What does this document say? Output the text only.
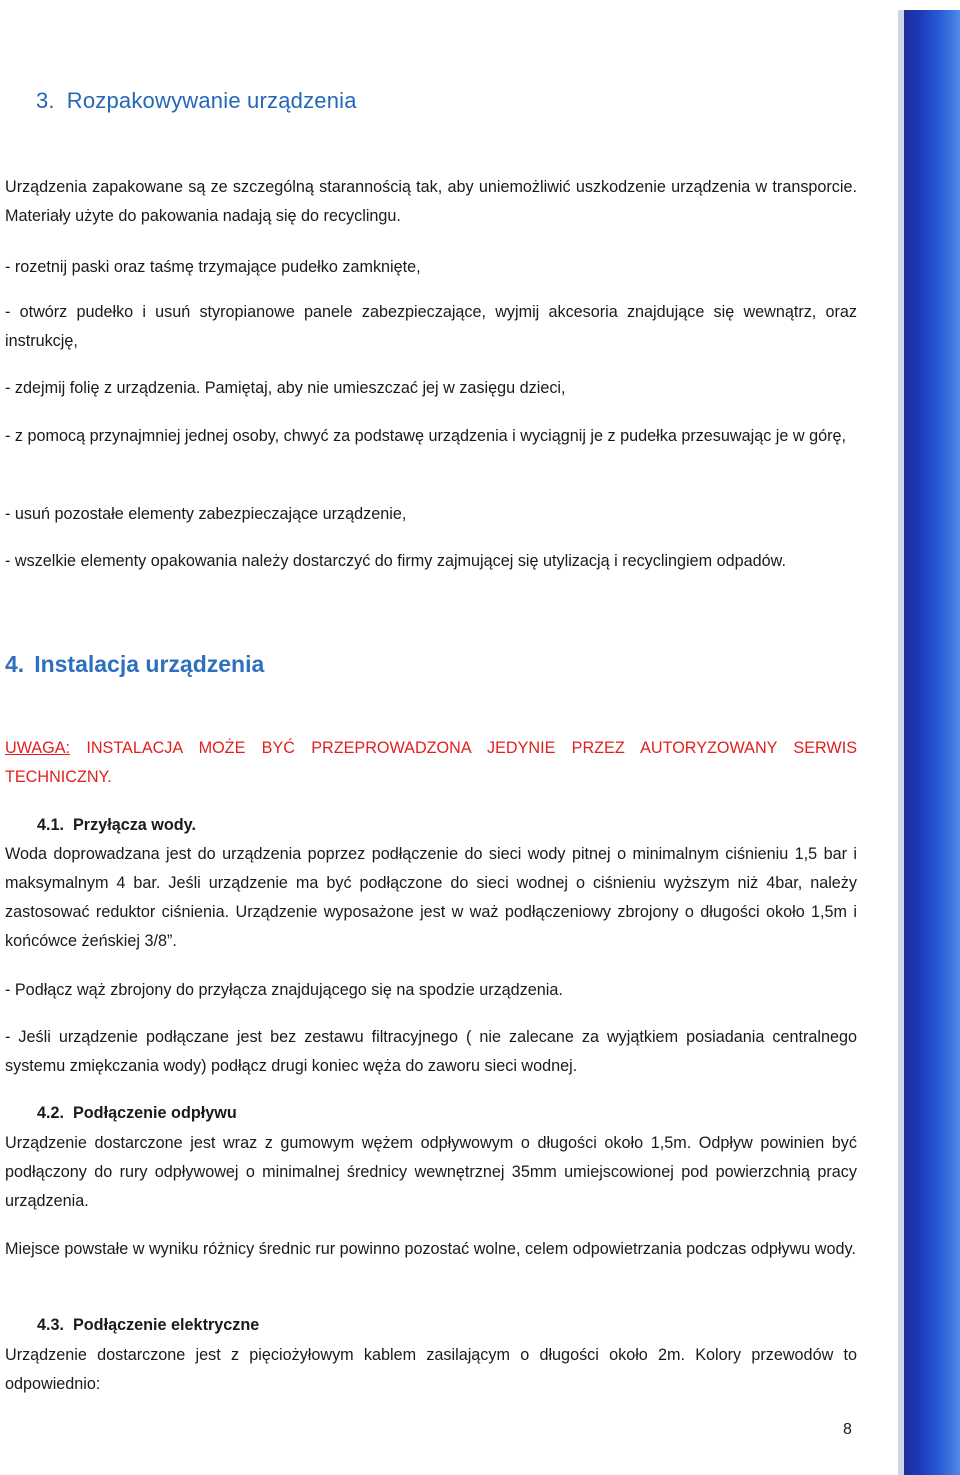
3. Rozpakowywanie urządzenia

Urządzenia zapakowane są ze szczególną starannością tak, aby uniemożliwić uszkodzenie urządzenia w transporcie. Materiały użyte do pakowania nadają się do recyclingu.

- rozetnij paski oraz taśmę trzymające pudełko zamknięte,

- otwórz pudełko i usuń styropianowe panele zabezpieczające, wyjmij akcesoria znajdujące się wewnątrz, oraz instrukcję,

- zdejmij folię z urządzenia. Pamiętaj, aby nie umieszczać jej w zasięgu dzieci,

- z pomocą przynajmniej jednej osoby, chwyć za podstawę urządzenia i wyciągnij je z pudełka przesuwając je w górę,

- usuń pozostałe elementy zabezpieczające urządzenie,

- wszelkie elementy opakowania należy dostarczyć do firmy zajmującej się utylizacją i recyclingiem odpadów.

4. Instalacja urządzenia

UWAGA: INSTALACJA MOŻE BYĆ PRZEPROWADZONA JEDYNIE PRZEZ AUTORYZOWANY SERWIS TECHNICZNY.

4.1. Przyłącza wody.

Woda doprowadzana jest do urządzenia poprzez podłączenie do sieci wody pitnej o minimalnym ciśnieniu 1,5 bar i maksymalnym 4 bar. Jeśli urządzenie ma być podłączone do sieci wodnej o ciśnieniu wyższym niż 4bar, należy zastosować reduktor ciśnienia. Urządzenie wyposażone jest w waż podłączeniowy zbrojony o długości około 1,5m i końcówce żeńskiej 3/8”.

- Podłącz wąż zbrojony do przyłącza znajdującego się na spodzie urządzenia.

- Jeśli urządzenie podłączane jest bez zestawu filtracyjnego ( nie zalecane za wyjątkiem posiadania centralnego systemu zmiękczania wody) podłącz drugi koniec węża do zaworu sieci wodnej.

4.2. Podłączenie odpływu

Urządzenie dostarczone jest wraz z gumowym wężem odpływowym o długości około 1,5m. Odpływ powinien być podłączony do rury odpływowej o minimalnej średnicy wewnętrznej 35mm umiejscowionej pod powierzchnią pracy urządzenia.

Miejsce powstałe w wyniku różnicy średnic rur powinno pozostać wolne, celem odpowietrzania podczas odpływu wody.

4.3. Podłączenie elektryczne

Urządzenie dostarczone jest z pięciożyłowym kablem zasilającym o długości około 2m. Kolory przewodów to odpowiednio:

8
